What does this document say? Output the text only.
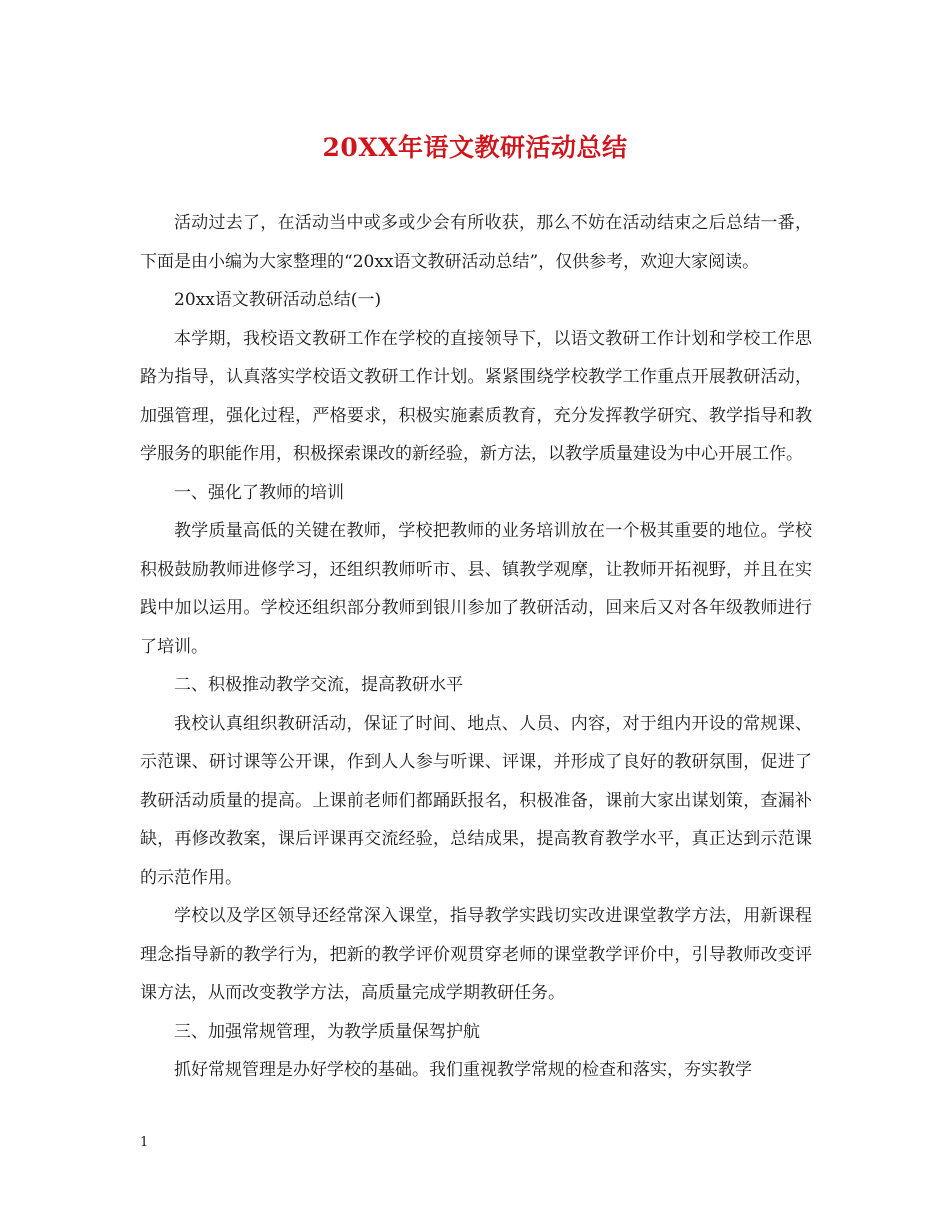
20XX年语文教研活动总结

活动过去了，在活动当中或多或少会有所收获，那么不妨在活动结束之后总结一番，下面是由小编为大家整理的“20xx语文教研活动总结”，仅供参考，欢迎大家阅读。

20xx语文教研活动总结(一)

本学期，我校语文教研工作在学校的直接领导下，以语文教研工作计划和学校工作思路为指导，认真落实学校语文教研工作计划。紧紧围绕学校教学工作重点开展教研活动，加强管理，强化过程，严格要求，积极实施素质教育，充分发挥教学研究、教学指导和教学服务的职能作用，积极探索课改的新经验，新方法，以教学质量建设为中心开展工作。

一、强化了教师的培训

教学质量高低的关键在教师，学校把教师的业务培训放在一个极其重要的地位。学校积极鼓励教师进修学习，还组织教师听市、县、镇教学观摩，让教师开拓视野，并且在实践中加以运用。学校还组织部分教师到银川参加了教研活动，回来后又对各年级教师进行了培训。

二、积极推动教学交流，提高教研水平

我校认真组织教研活动，保证了时间、地点、人员、内容，对于组内开设的常规课、示范课、研讨课等公开课，作到人人参与听课、评课，并形成了良好的教研氛围，促进了教研活动质量的提高。上课前老师们都踊跃报名，积极准备，课前大家出谋划策，查漏补缺，再修改教案，课后评课再交流经验，总结成果，提高教育教学水平，真正达到示范课的示范作用。

学校以及学区领导还经常深入课堂，指导教学实践切实改进课堂教学方法，用新课程理念指导新的教学行为，把新的教学评价观贯穿老师的课堂教学评价中，引导教师改变评课方法，从而改变教学方法，高质量完成学期教研任务。

三、加强常规管理，为教学质量保驾护航

抓好常规管理是办好学校的基础。我们重视教学常规的检查和落实，夯实教学

1
